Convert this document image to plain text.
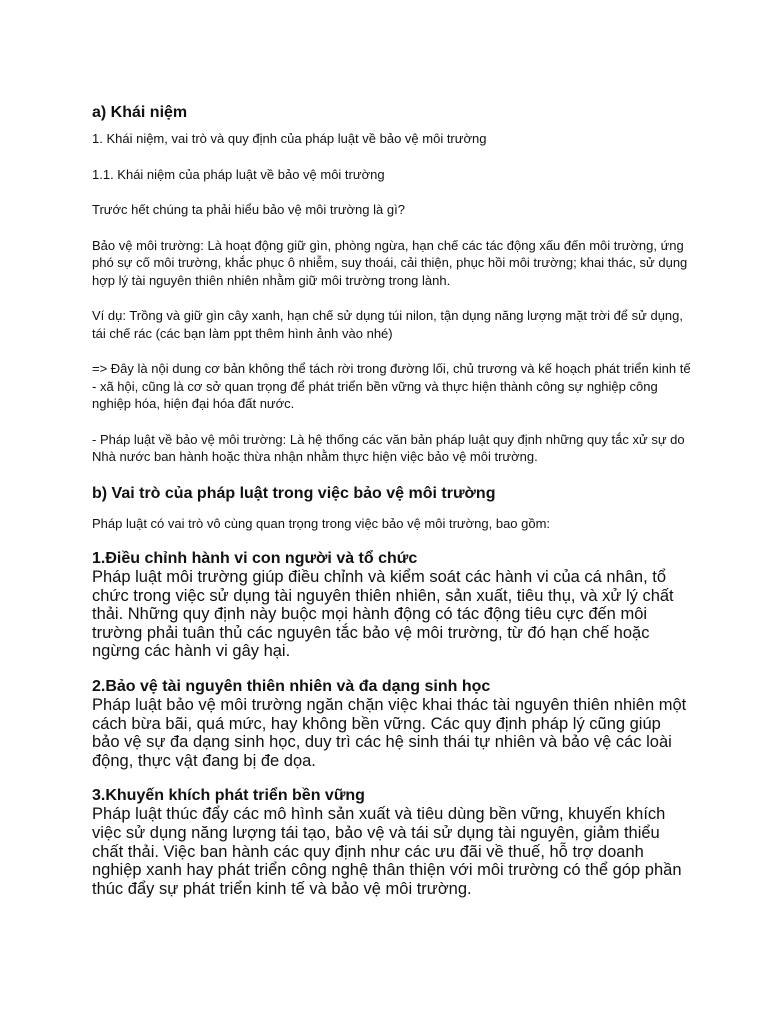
a) Khái niệm
1. Khái niệm, vai trò và quy định của pháp luật về bảo vệ môi trường
1.1. Khái niệm của pháp luật về bảo vệ môi trường
Trước hết chúng ta phải hiểu bảo vệ môi trường là gì?
Bảo vệ môi trường: Là hoạt động giữ gìn, phòng ngừa, hạn chế các tác động xấu đến môi trường, ứng phó sự cố môi trường, khắc phục ô nhiễm, suy thoái, cải thiện, phục hồi môi trường; khai thác, sử dụng hợp lý tài nguyên thiên nhiên nhằm giữ môi trường trong lành.
Ví dụ: Trồng và giữ gìn cây xanh, hạn chế sử dụng túi nilon, tận dụng năng lượng mặt trời để sử dụng, tái chế rác (các bạn làm ppt thêm hình ảnh vào nhé)
=> Đây là nội dung cơ bản không thể tách rời trong đường lối, chủ trương và kế hoạch phát triển kinh tế - xã hội, cũng là cơ sở quan trọng để phát triển bền vững và thực hiện thành công sự nghiệp công nghiệp hóa, hiện đại hóa đất nước.
- Pháp luật về bảo vệ môi trường: Là hệ thống các văn bản pháp luật quy định những quy tắc xử sự do Nhà nước ban hành hoặc thừa nhận nhằm thực hiện việc bảo vệ môi trường.
b) Vai trò của pháp luật trong việc bảo vệ môi trường
Pháp luật có vai trò vô cùng quan trọng trong việc bảo vệ môi trường, bao gồm:
1.Điều chỉnh hành vi con người và tổ chức
Pháp luật môi trường giúp điều chỉnh và kiểm soát các hành vi của cá nhân, tổ chức trong việc sử dụng tài nguyên thiên nhiên, sản xuất, tiêu thụ, và xử lý chất thải. Những quy định này buộc mọi hành động có tác động tiêu cực đến môi trường phải tuân thủ các nguyên tắc bảo vệ môi trường, từ đó hạn chế hoặc ngừng các hành vi gây hại.
2.Bảo vệ tài nguyên thiên nhiên và đa dạng sinh học
Pháp luật bảo vệ môi trường ngăn chặn việc khai thác tài nguyên thiên nhiên một cách bừa bãi, quá mức, hay không bền vững. Các quy định pháp lý cũng giúp bảo vệ sự đa dạng sinh học, duy trì các hệ sinh thái tự nhiên và bảo vệ các loài động, thực vật đang bị đe dọa.
3.Khuyến khích phát triển bền vững
Pháp luật thúc đẩy các mô hình sản xuất và tiêu dùng bền vững, khuyến khích việc sử dụng năng lượng tái tạo, bảo vệ và tái sử dụng tài nguyên, giảm thiểu chất thải. Việc ban hành các quy định như các ưu đãi về thuế, hỗ trợ doanh nghiệp xanh hay phát triển công nghệ thân thiện với môi trường có thể góp phần thúc đẩy sự phát triển kinh tế và bảo vệ môi trường.
